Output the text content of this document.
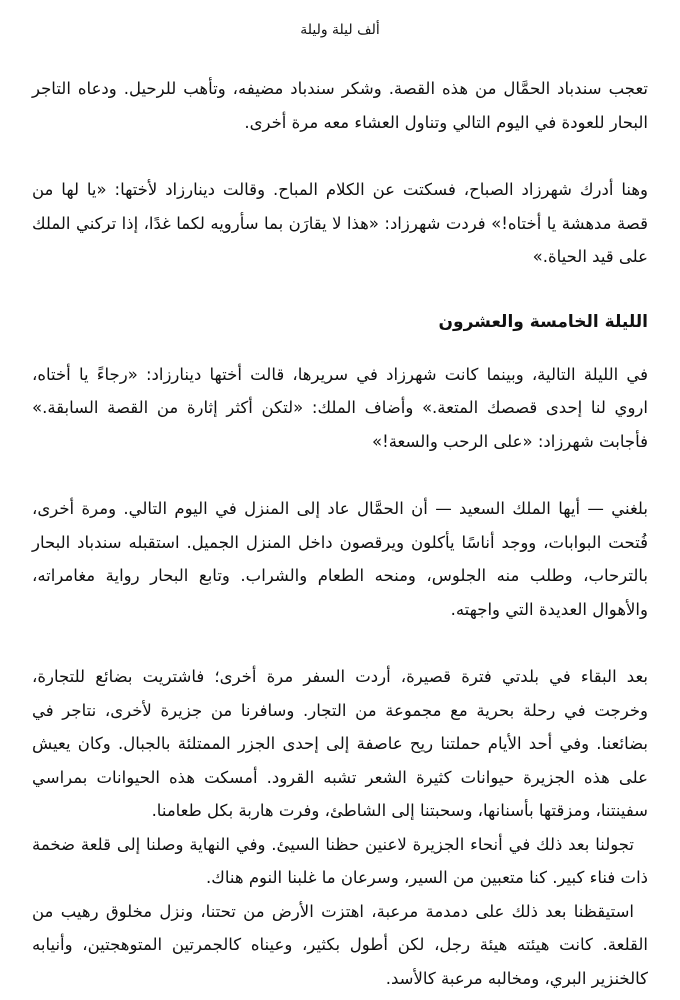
ألف ليلة وليلة

تعجب سندباد الحمَّال من هذه القصة. وشكر سندباد مضيفه، وتأهب للرحيل. ودعاه التاجر البحار للعودة في اليوم التالي وتناول العشاء معه مرة أخرى.

وهنا أدرك شهرزاد الصباح، فسكتت عن الكلام المباح. وقالت دينارزاد لأختها: «يا لها من قصة مدهشة يا أختاه!» فردت شهرزاد: «هذا لا يقارَن بما سأرويه لكما غدًا، إذا تركني الملك على قيد الحياة.»

الليلة الخامسة والعشرون

في الليلة التالية، وبينما كانت شهرزاد في سريرها، قالت أختها دينارزاد: «رجاءً يا أختاه، اروي لنا إحدى قصصك المتعة.» وأضاف الملك: «لتكن أكثر إثارة من القصة السابقة.» فأجابت شهرزاد: «على الرحب والسعة!»

بلغني — أيها الملك السعيد — أن الحمَّال عاد إلى المنزل في اليوم التالي. ومرة أخرى، فُتحت البوابات، ووجد أناسًا يأكلون ويرقصون داخل المنزل الجميل. استقبله سندباد البحار بالترحاب، وطلب منه الجلوس، ومنحه الطعام والشراب. وتابع البحار رواية مغامراته، والأهوال العديدة التي واجهته.

بعد البقاء في بلدتي فترة قصيرة، أردت السفر مرة أخرى؛ فاشتريت بضائع للتجارة، وخرجت في رحلة بحرية مع مجموعة من التجار. وسافرنا من جزيرة لأخرى، نتاجر في بضائعنا. وفي أحد الأيام حملتنا ريح عاصفة إلى إحدى الجزر الممتلئة بالجبال. وكان يعيش على هذه الجزيرة حيوانات كثيرة الشعر تشبه القرود. أمسكت هذه الحيوانات بمراسي سفينتنا، ومزقتها بأسنانها، وسحبتنا إلى الشاطئ، وفرت هاربة بكل طعامنا.

تجولنا بعد ذلك في أنحاء الجزيرة لاعنين حظنا السيئ. وفي النهاية وصلنا إلى قلعة ضخمة ذات فناء كبير. كنا متعبين من السير، وسرعان ما غلبنا النوم هناك.

استيقظنا بعد ذلك على دمدمة مرعبة، اهتزت الأرض من تحتنا، ونزل مخلوق رهيب من القلعة. كانت هيئته هيئة رجل، لكن أطول بكثير، وعيناه كالجمرتين المتوهجتين، وأنيابه كالخنزير البري، ومخالبه مرعبة كالأسد.
